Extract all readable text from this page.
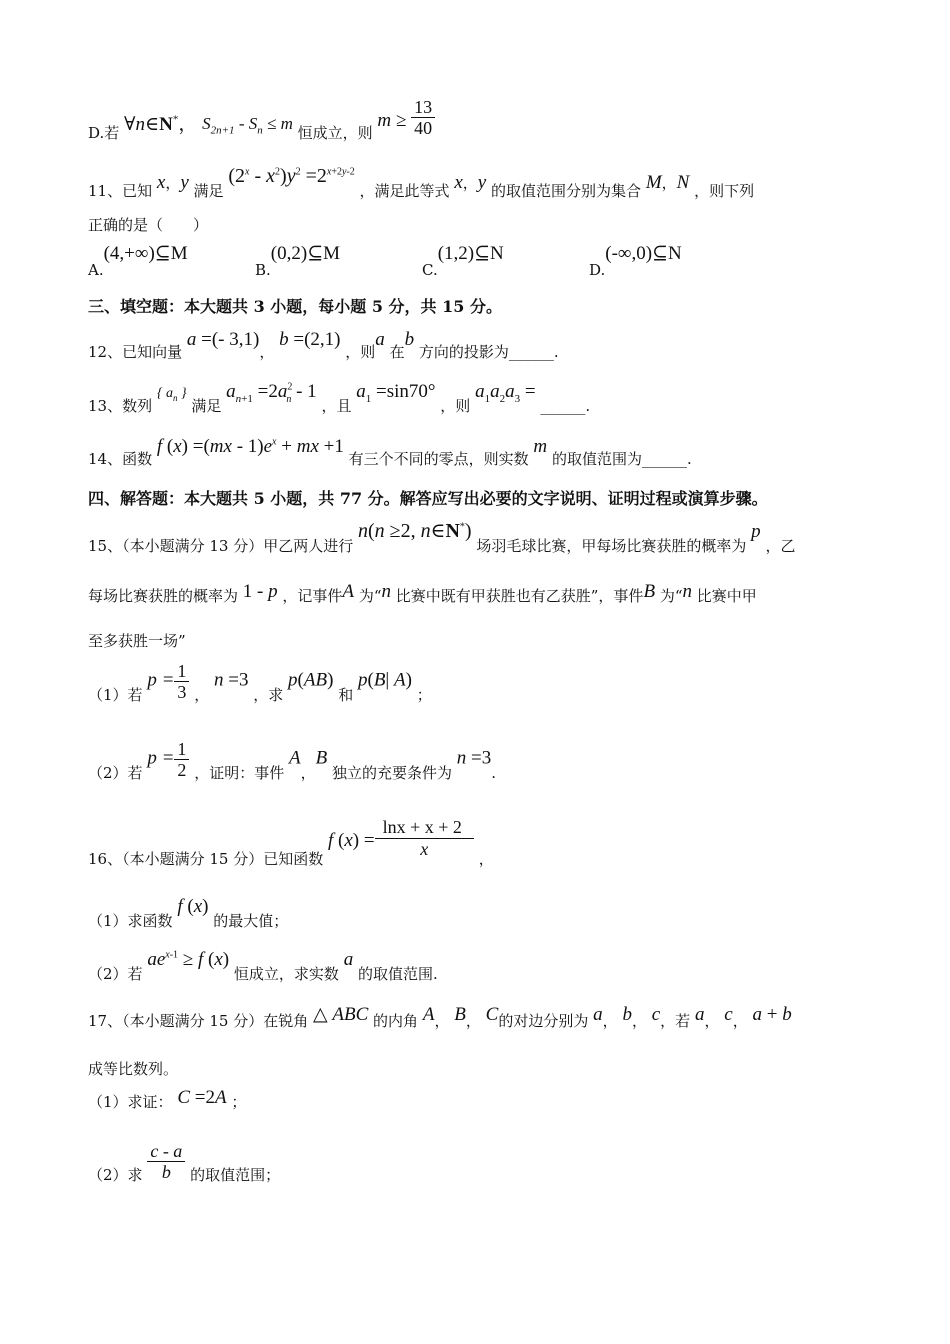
D.若 ∀n∈N*， $S_{2n+1} - S_n \le m$ 恒成立，则 $m \ge \frac{13}{40}$
11、已知 x，y 满足 $(2^x - x^2)y^2 =2^{x+2y-2}$ ，满足此等式 x，y 的取值范围分别为集合 M，N ，则下列
正确的是（　　）
A.(4,+∞)⊆M
B.(0,2)⊆M
C.(1,2)⊆N
D.(-∞,0)⊆N
三、填空题：本大题共 3 小题，每小题 5 分，共 15 分。
12、已知向量 a =(- 3,1)， b =(2,1) ，则a 在b 方向的投影为______.
13、数列 { $a_n$ } 满足 $a_{n+1} =2a^2_n - 1$ ，且 $a_1 =\sin 70^\circ$ ，则 $a_1a_2a_3$ = ______.
14、函数 f $(x) =(mx - 1)e^x$ + mx +1 有三个不同的零点，则实数 m 的取值范围为______.
四、解答题：本大题共 5 小题，共 77 分。解答应写出必要的文字说明、证明过程或演算步骤。
15、（本小题满分 13 分）甲乙两人进行 n(n ≥2, n∈N*) 场羽毛球比赛，甲每场比赛获胜的概率为 p ，乙
每场比赛获胜的概率为 1 - p ，记事件A 为“n 比赛中既有甲获胜也有乙获胜”，事件B 为“n 比赛中甲
至多获胜一场”
（1）若 $p = \frac{1}{3}$ ， n =3 ，求 p(AB) 和 p(B| A) ；
（2）若 $p = \frac{1}{2}$ ，证明：事件 A，B 独立的充要条件为 n =3.
16、（本小题满分 15 分）已知函数 f $(x) = \frac{\ln x + x + 2}{x}$
，
（1）求函数 f (x) 的最大值；
（2）若 $ae^{x-1} \ge f$ (x) 恒成立，求实数 a 的取值范围.
17、（本小题满分 15 分）在锐角 △ ABC 的内角 A， B， C的对边分别为 a， b， c，若 a， c， a + b
成等比数列。
（1）求证： C =2A ；
（2）求 $\frac{c - a}{b}$ 的取值范围；
